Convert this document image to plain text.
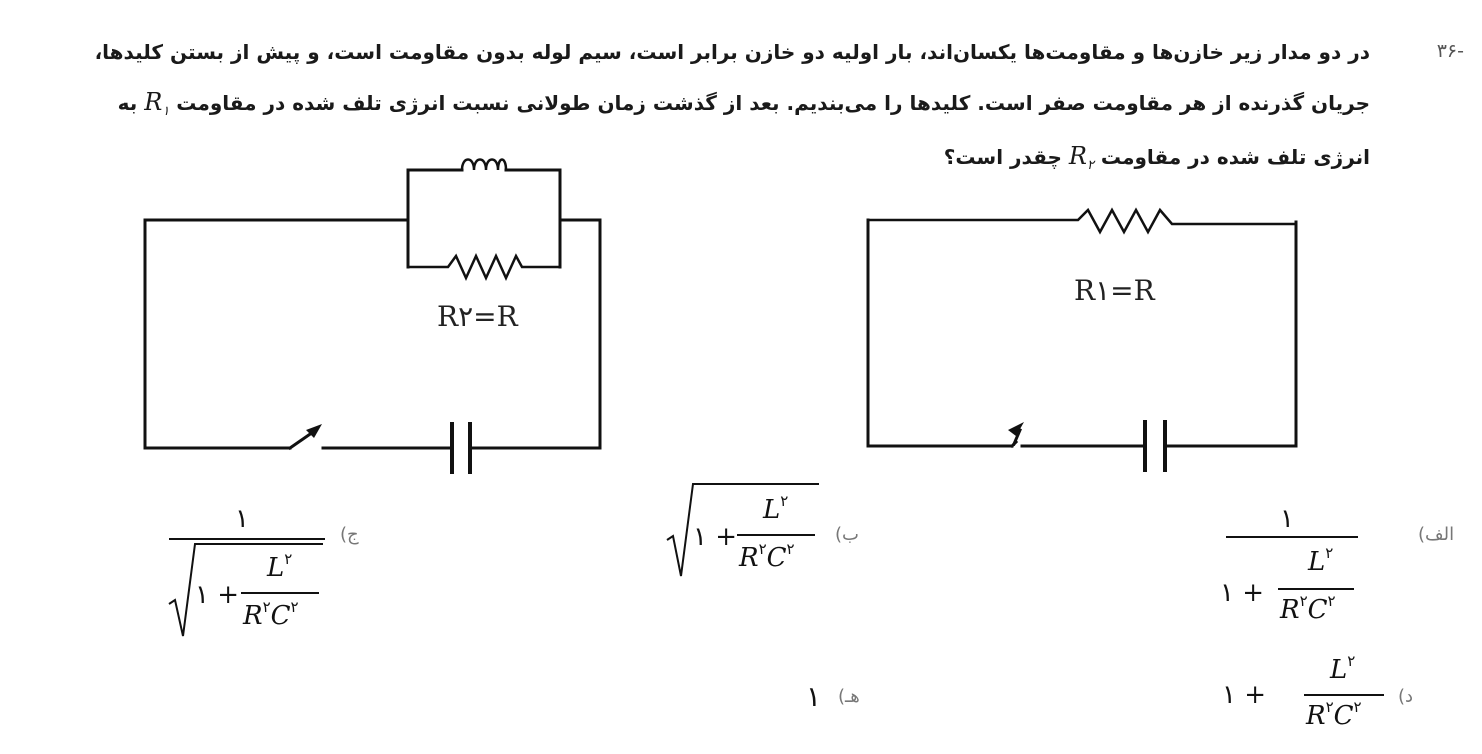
۳۶-
در دو مدار زیر خازن‌ها و مقاومت‌ها یکسان‌اند، بار اولیه دو خازن برابر است، سیم لوله بدون مقاومت است، و پیش از بستن کلیدها،
جریان گذرنده از هر مقاومت صفر است. کلیدها را می‌بندیم. بعد از گذشت زمان طولانی نسبت انرژی تلف شده در مقاومت $R_۱$ به
انرژی تلف شده در مقاومت $R_۲$ چقدر است؟
R۲=R
R۱=R
الف)
۱
۱ +
$L^۲$
$R^۲C^۲$
ب)
۱ +
$L^۲$
$R^۲C^۲$
ج)
۱
۱ +
$L^۲$
$R^۲C^۲$
د)
۱ +
$L^۲$
$R^۲C^۲$
هـ)
۱
